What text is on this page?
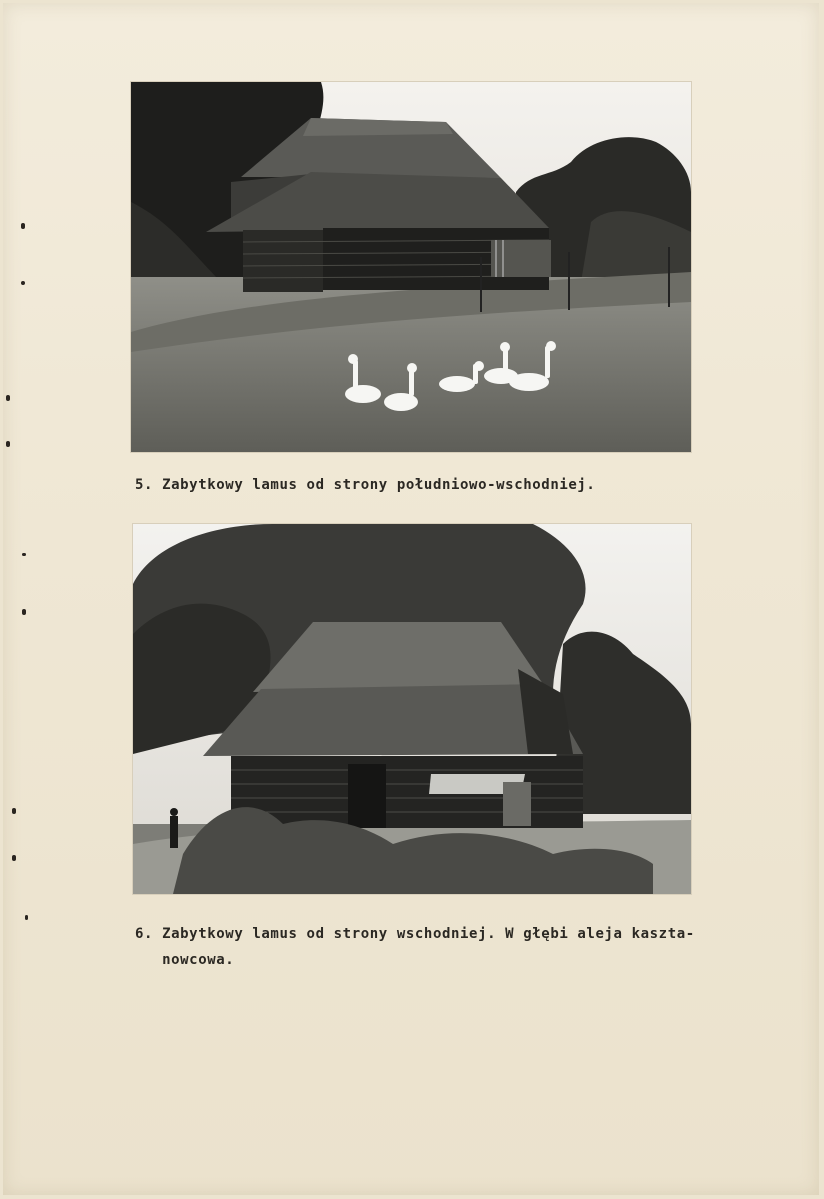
5. Zabytkowy lamus od strony południowo-wschodniej.

6. Zabytkowy lamus od strony wschodniej. W głębi aleja kaszta-

nowcowa.
